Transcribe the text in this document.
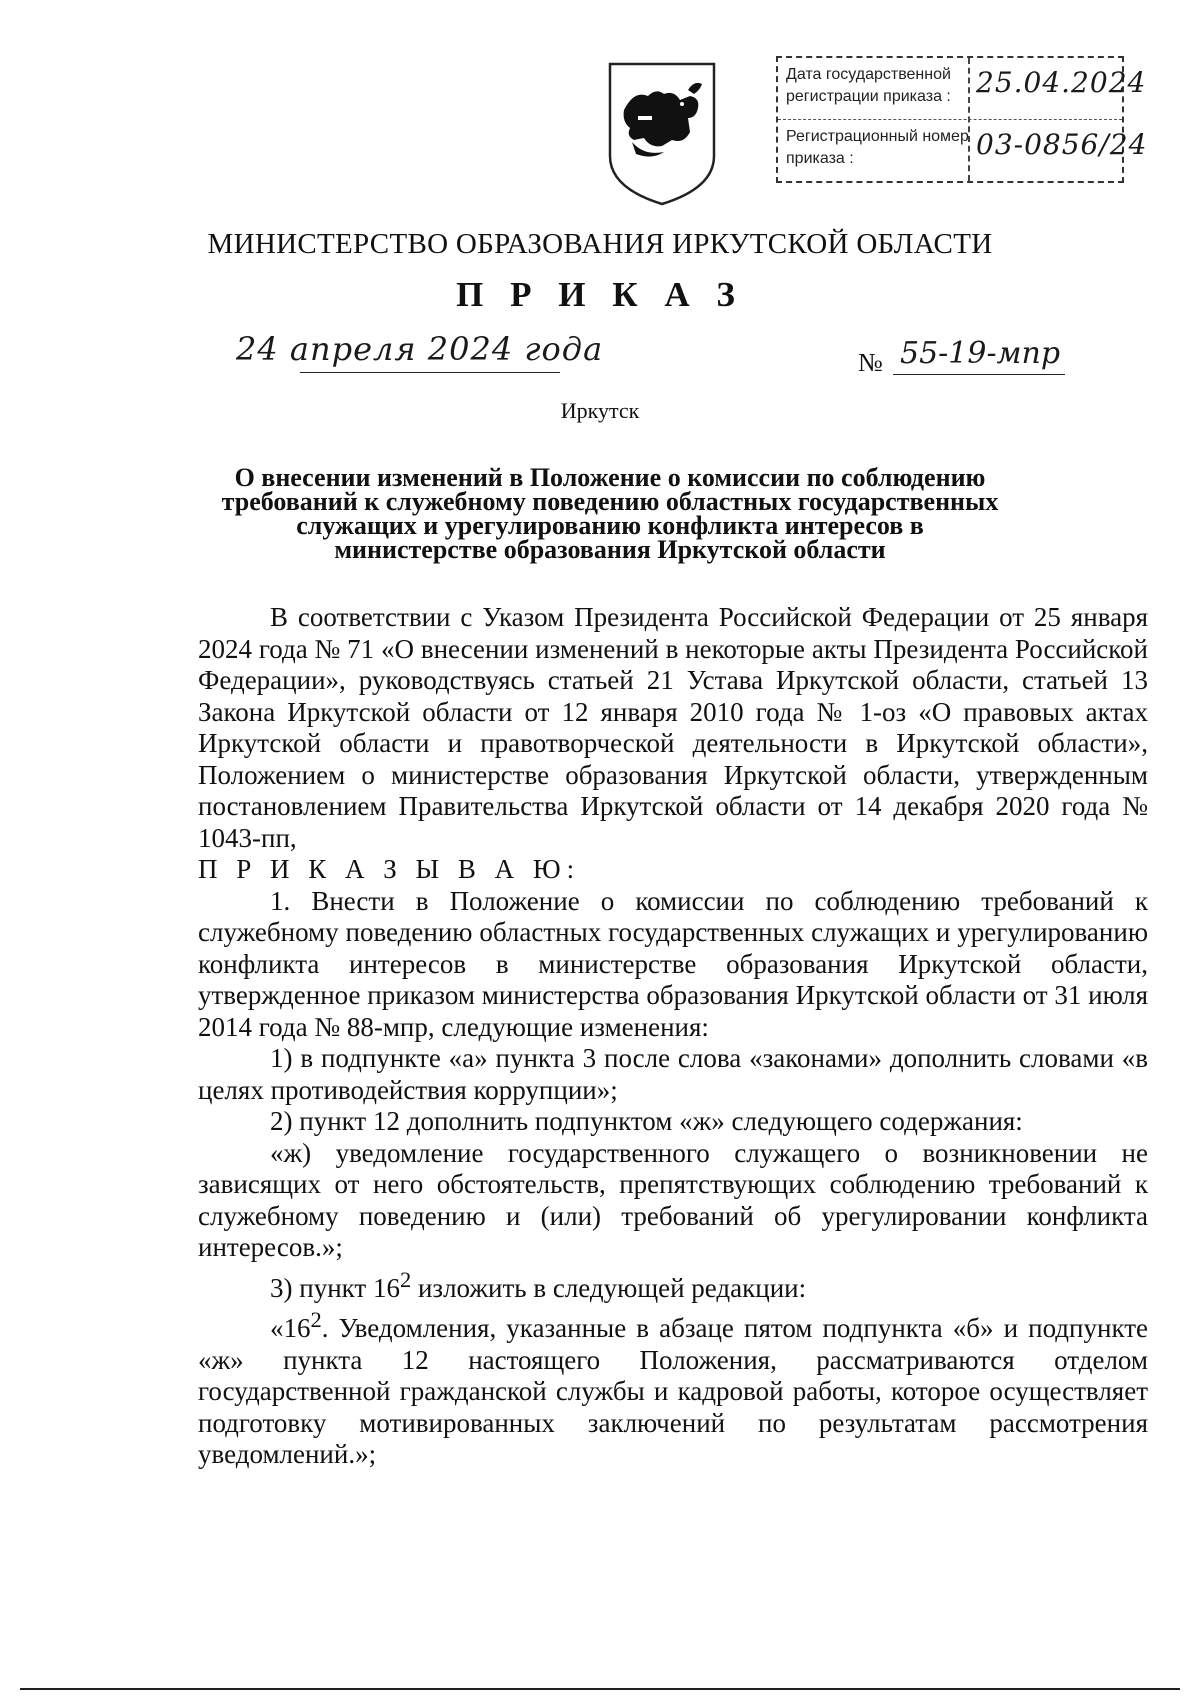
Дата государственной регистрации приказа : 25.04.2024
Регистрационный номер приказа :	03-0856/24
МИНИСТЕРСТВО ОБРАЗОВАНИЯ ИРКУТСКОЙ ОБЛАСТИ
П Р И К А З
24 апреля 2024 года	№ 55-19-мпр
Иркутск
О внесении изменений в Положение о комиссии по соблюдению требований к служебному поведению областных государственных служащих и урегулированию конфликта интересов в министерстве образования Иркутской области

В соответствии с Указом Президента Российской Федерации от 25 января 2024 года № 71 «О внесении изменений в некоторые акты Президента Российской Федерации», руководствуясь статьей 21 Устава Иркутской области, статьей 13 Закона Иркутской области от 12 января 2010 года № 1-оз «О правовых актах Иркутской области и правотворческой деятельности в Иркутской области», Положением о министерстве образования Иркутской области, утвержденным постановлением Правительства Иркутской области от 14 декабря 2020 года № 1043-пп,

П Р И К А З Ы В А Ю:

1. Внести в Положение о комиссии по соблюдению требований к служебному поведению областных государственных служащих и урегулированию конфликта интересов в министерстве образования Иркутской области, утвержденное приказом министерства образования Иркутской области от 31 июля 2014 года № 88-мпр, следующие изменения:

1) в подпункте «а» пункта 3 после слова «законами» дополнить словами «в целях противодействия коррупции»;

2) пункт 12 дополнить подпунктом «ж» следующего содержания:

«ж) уведомление государственного служащего о возникновении не зависящих от него обстоятельств, препятствующих соблюдению требований к служебному поведению и (или) требований об урегулировании конфликта интересов.»;

3) пункт $16^2$ изложить в следующей редакции:

«$16^2$. Уведомления, указанные в абзаце пятом подпункта «б» и подпункте «ж» пункта 12 настоящего Положения, рассматриваются отделом государственной гражданской службы и кадровой работы, которое осуществляет подготовку мотивированных заключений по результатам рассмотрения уведомлений.»;
